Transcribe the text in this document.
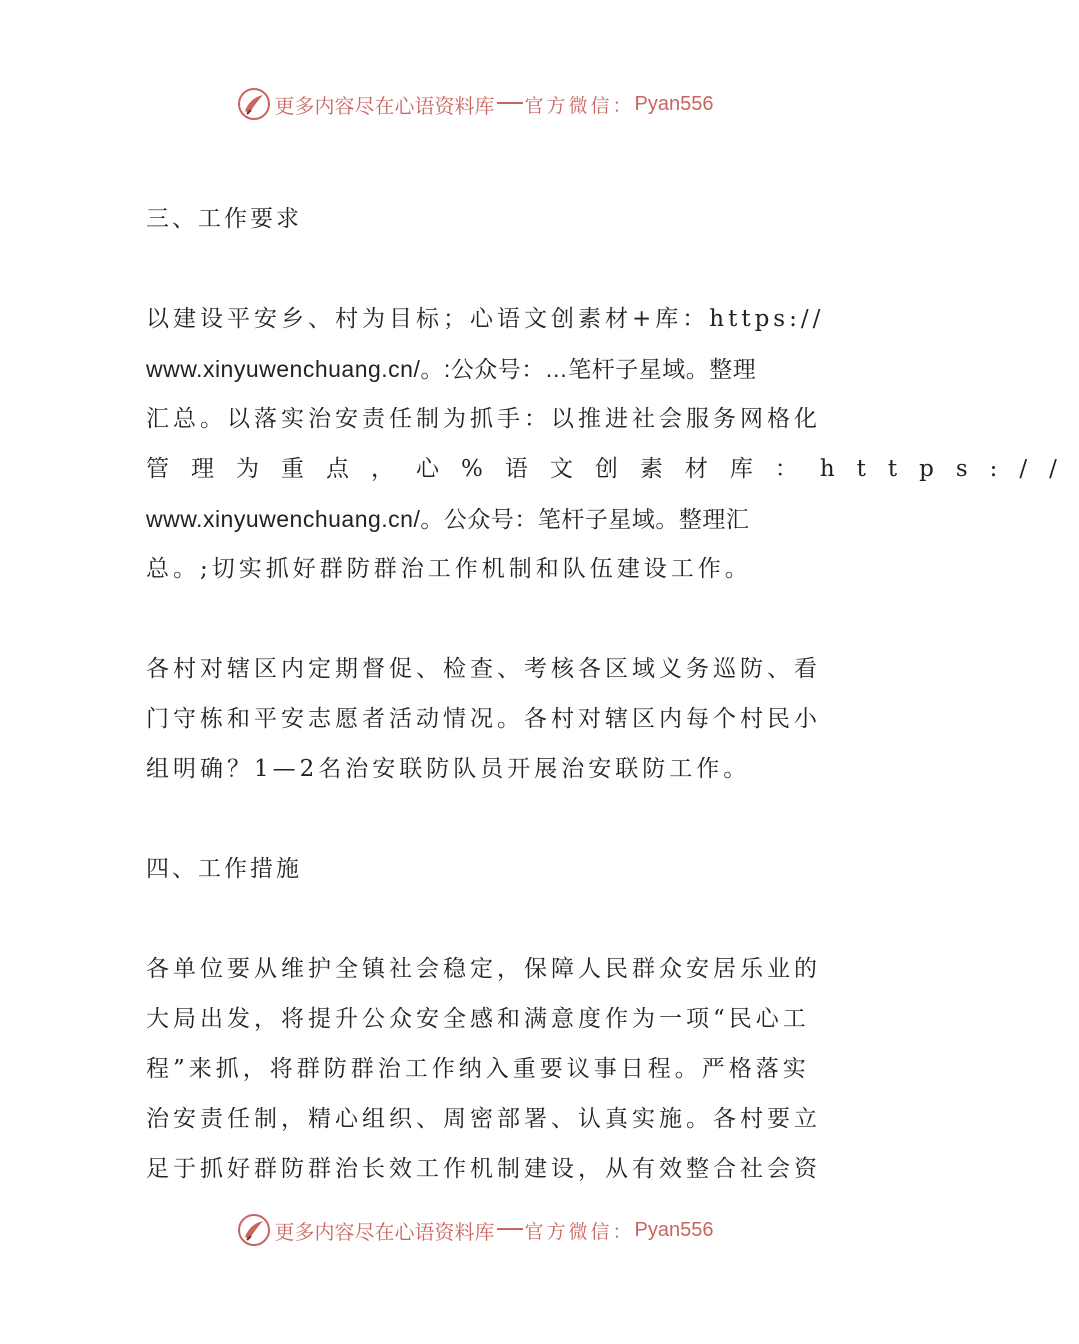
更多内容尽在心语资料库 官方微信： Pyan556

三、工作要求

以建设平安乡、村为目标；心语文创素材+库：https://
www.xinyuwenchuang.cn/。:公众号：…笔杆子星域。整理
汇总。以落实治安责任制为抓手：以推进社会服务网格化
管理为重点，心%语文创素材库：https://
www.xinyuwenchuang.cn/。公众号：笔杆子星域。整理汇
总。;切实抓好群防群治工作机制和队伍建设工作。
各村对辖区内定期督促、检查、考核各区域义务巡防、看
门守栋和平安志愿者活动情况。各村对辖区内每个村民小
组明确？1—2名治安联防队员开展治安联防工作。

四、工作措施

各单位要从维护全镇社会稳定，保障人民群众安居乐业的
大局出发，将提升公众安全感和满意度作为一项“民心工
程”来抓，将群防群治工作纳入重要议事日程。严格落实
治安责任制，精心组织、周密部署、认真实施。各村要立
足于抓好群防群治长效工作机制建设，从有效整合社会资
更多内容尽在心语资料库 官方微信： Pyan556
